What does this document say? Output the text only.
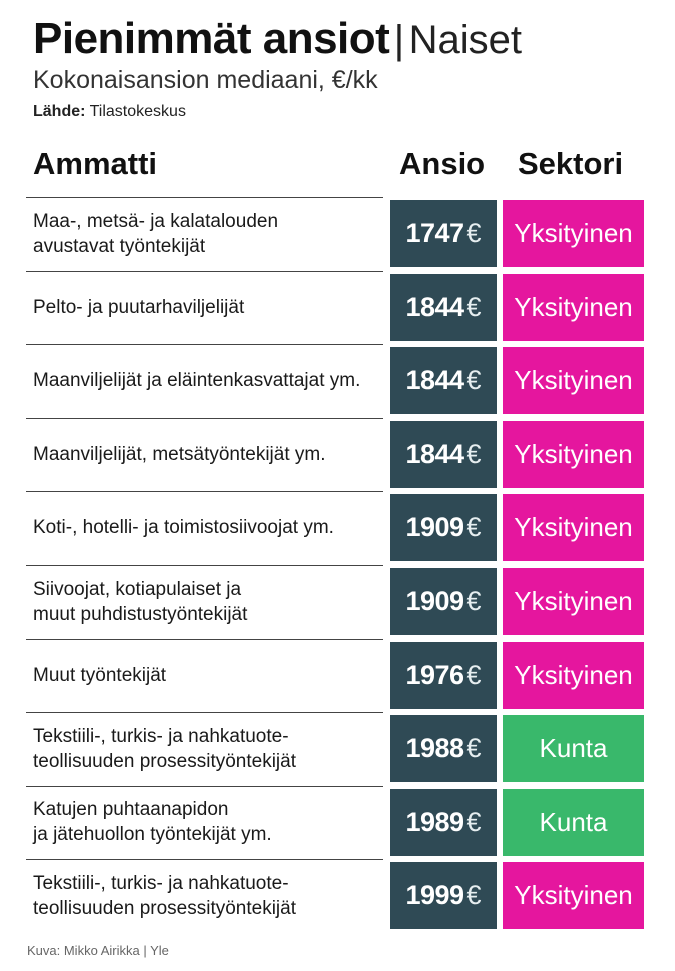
Pienimmät ansiot | Naiset
Kokonaisansion mediaani, €/kk
Lähde: Tilastokeskus
Ammatti	Ansio Sektori
Maa-, metsä- ja kalatalouden
avustavat työntekijät	1747 € Yksityinen
Pelto- ja puutarhaviljelijät	1844 € Yksityinen
Maanviljelijät ja eläintenkasvattajat ym. 1844 € Yksityinen
Maanviljelijät, metsätyöntekijät ym.	1844 € Yksityinen
Koti-, hotelli- ja toimistosiivoojat ym.	1909 € Yksityinen
Siivoojat, kotiapulaiset ja
muut puhdistustyöntekijät	1909 € Yksityinen
Muut työntekijät	1976 € Yksityinen
Tekstiili-, turkis- ja nahkatuote-
teollisuuden prosessityöntekijät	1988 € Kunta
Katujen puhtaanapidon
ja jätehuollon työntekijät ym.	1989 € Kunta
Tekstiili-, turkis- ja nahkatuote-
teollisuuden prosessityöntekijät	1999 € Yksityinen
Kuva: Mikko Airikka | Yle
